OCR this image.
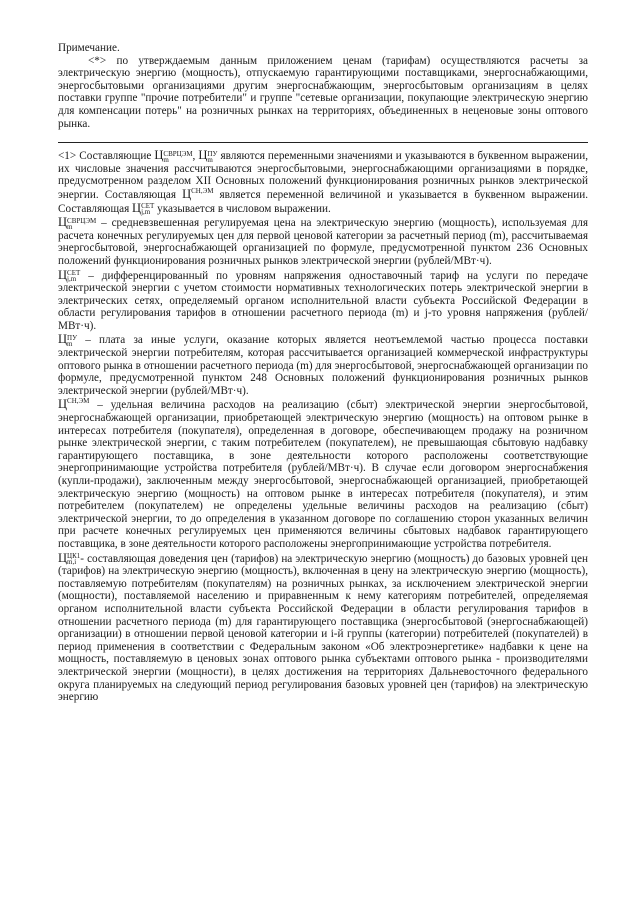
Примечание.

<*> по утверждаемым данным приложением ценам (тарифам) осуществляются расчеты за электрическую энергию (мощность), отпускаемую гарантирующими поставщиками, энергоснабжающими, энергосбытовыми организациями другим энергоснабжающим, энергосбытовым организациям в целях поставки группе "прочие потребители" и группе "сетевые организации, покупающие электрическую энергию для компенсации потерь" на розничных рынках на территориях, объединенных в неценовые зоны оптового рынка.

<1> Составляющие Ц СВРЦЭМ
m	, Ц ПУ
m являются переменными значениями и указываются в буквенном выражении, их числовые значения рассчитываются энергосбытовыми, энергоснабжающими организациями в порядке, предусмотренном разделом XII Основных положений функционирования розничных рынков электрической энергии. Составляющая $Ц^{СН,ЭМ}$ является переменной величиной и указывается в буквенном выражении. Составляющая Ц СЕТ
j,m указывается в числовом выражении.

Ц СВРЦЭМ
m	– средневзвешенная регулируемая цена на электрическую энергию (мощность), используемая для расчета конечных регулируемых цен для первой ценовой категории за расчетный период (m), рассчитываемая энергосбытовой, энергоснабжающей организацией по формуле, предусмотренной пунктом 236 Основных положений функционирования розничных рынков электрической энергии (рублей/МВт·ч).

Ц СЕТ
j,m – дифференцированный по уровням напряжения одноставочный тариф на услуги по передаче электрической энергии с учетом стоимости нормативных технологических потерь электрической энергии в электрических сетях, определяемый органом исполнительной власти субъекта Российской Федерации в области регулирования тарифов в отношении расчетного периода (m) и j-то уровня напряжения (рублей/МВт·ч).

Ц ПУ
m – плата за иные услуги, оказание которых является неотъемлемой частью процесса поставки электрической энергии потребителям, которая рассчитывается организацией коммерческой инфраструктуры оптового рынка в отношении расчетного периода (m) для энергосбытовой, энергоснабжающей организации по формуле, предусмотренной пунктом 248 Основных положений функционирования розничных рынков электрической энергии (рублей/МВт·ч).

$Ц^{СН,ЭМ}$ – удельная величина расходов на реализацию (сбыт) электрической энергии энергосбытовой, энергоснабжающей организации, приобретающей электрическую энергию (мощность) на оптовом рынке в интересах потребителя (покупателя), определенная в договоре, обеспечивающем продажу на розничном рынке электрической энергии, с таким потребителем (покупателем), не превышающая сбытовую надбавку гарантирующего поставщика, в зоне деятельности которого расположены соответствующие энергопринимающие устройства потребителя (рублей/МВт·ч). В случае если договором энергоснабжения (купли-продажи), заключенным между энергосбытовой, энергоснабжающей организацией, приобретающей электрическую энергию (мощность) на оптовом рынке в интересах потребителя (покупателя), и этим потребителем (покупателем) не определены удельные величины расходов на реализацию (сбыт) электрической энергии, то до определения в указанном договоре по соглашению сторон указанных величин при расчете конечных регулируемых цен применяются величины сбытовых надбавок гарантирующего поставщика, в зоне деятельности которого расположены энергопринимающие устройства потребителя.

Ц ЦК1
m,i - составляющая доведения цен (тарифов) на электрическую энергию (мощность) до базовых уровней цен (тарифов) на электрическую энергию (мощность), включенная в цену на электрическую энергию (мощность), поставляемую потребителям (покупателям) на розничных рынках, за исключением электрической энергии (мощности), поставляемой населению и приравненным к нему категориям потребителей, определяемая органом исполнительной власти субъекта Российской Федерации в области регулирования тарифов в отношении расчетного периода (m) для гарантирующего поставщика (энергосбытовой (энергоснабжающей) организации) в отношении первой ценовой категории и i-й группы (категории) потребителей (покупателей) в период применения в соответствии с Федеральным законом «Об электроэнергетике» надбавки к цене на мощность, поставляемую в ценовых зонах оптового рынка субъектами оптового рынка - производителями электрической энергии (мощности), в целях достижения на территориях Дальневосточного федерального округа планируемых на следующий период регулирования базовых уровней цен (тарифов) на электрическую энергию
